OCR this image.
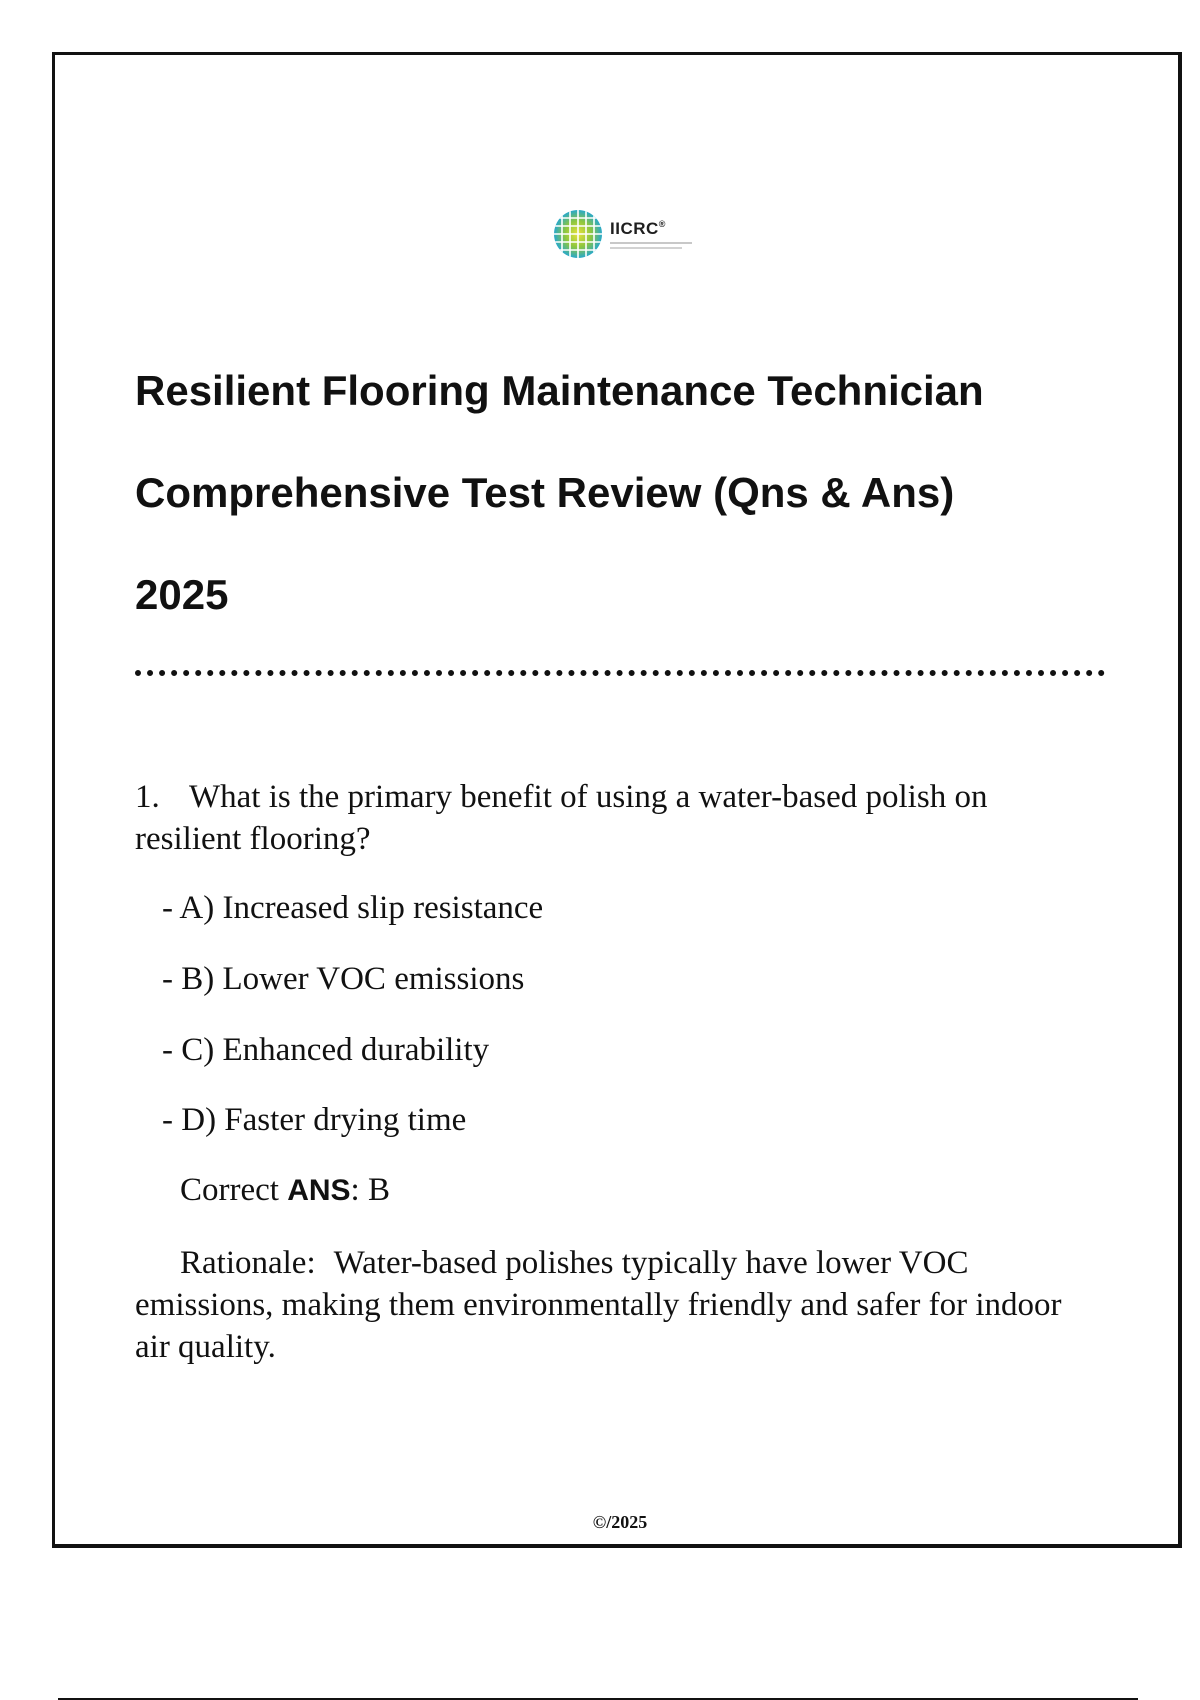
IICRC®
Resilient Flooring Maintenance Technician
Comprehensive Test Review (Qns & Ans)
2025
1. What is the primary benefit of using a water-based polish on resilient flooring?
- A) Increased slip resistance
- B) Lower VOC emissions
- C) Enhanced durability
- D) Faster drying time
Correct ANS: B
Rationale: Water-based polishes typically have lower VOC emissions, making them environmentally friendly and safer for indoor air quality.
©/2025
